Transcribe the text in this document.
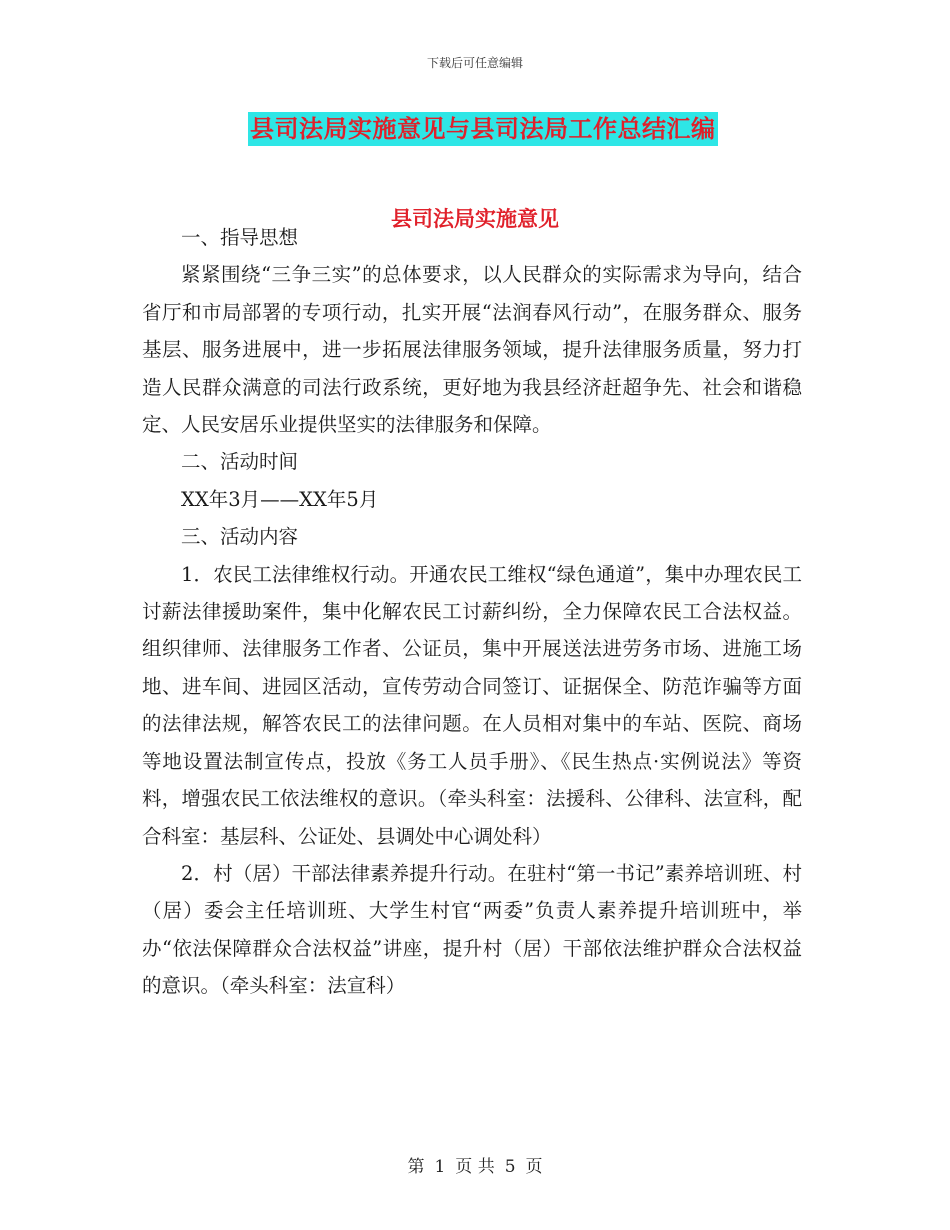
下载后可任意编辑
县司法局实施意见与县司法局工作总结汇编
县司法局实施意见

一、指导思想

紧紧围绕“三争三实”的总体要求，以人民群众的实际需求为导向，结合省厅和市局部署的专项行动，扎实开展“法润春风行动”，在服务群众、服务基层、服务进展中，进一步拓展法律服务领域，提升法律服务质量，努力打造人民群众满意的司法行政系统，更好地为我县经济赶超争先、社会和谐稳定、人民安居乐业提供坚实的法律服务和保障。

二、活动时间

XX年3月——XX年5月

三、活动内容

1．农民工法律维权行动。开通农民工维权“绿色通道”，集中办理农民工讨薪法律援助案件，集中化解农民工讨薪纠纷，全力保障农民工合法权益。组织律师、法律服务工作者、公证员，集中开展送法进劳务市场、进施工场地、进车间、进园区活动，宣传劳动合同签订、证据保全、防范诈骗等方面的法律法规，解答农民工的法律问题。在人员相对集中的车站、医院、商场等地设置法制宣传点，投放《务工人员手册》、《民生热点·实例说法》等资料，增强农民工依法维权的意识。（牵头科室：法援科、公律科、法宣科，配合科室：基层科、公证处、县调处中心调处科）

2．村（居）干部法律素养提升行动。在驻村“第一书记”素养培训班、村（居）委会主任培训班、大学生村官“两委”负责人素养提升培训班中，举办“依法保障群众合法权益”讲座，提升村（居）干部依法维护群众合法权益的意识。（牵头科室：法宣科）

第 1 页 共 5 页
